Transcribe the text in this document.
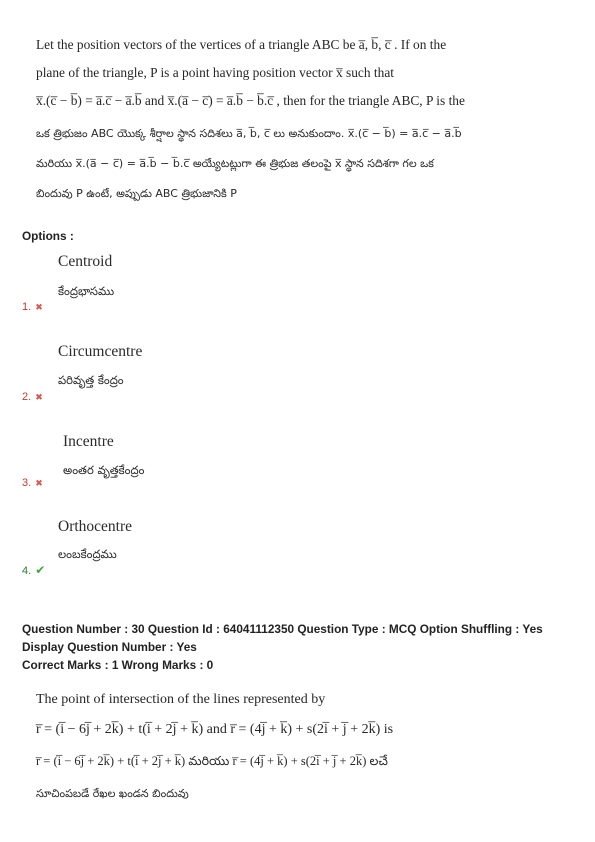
Let the position vectors of the vertices of a triangle ABC be a̅, b̅, c̅ . If on the
plane of the triangle, P is a point having position vector x̅ such that
x̅.(c̅ − b̅) = a̅.c̅ − a̅.b̅ and x̅.(a̅ − c̅) = a̅.b̅ − b̅.c̅ , then for the triangle ABC, P is the
ఒక త్రిభుజం ABC యొక్క శీర్షాల స్థాన సదిశలు a̅, b̅, c̅ లు అనుకుందాం. x̅.(c̅ − b̅) = a̅.c̅ − a̅.b̅
మరియు x̅.(a̅ − c̅) = a̅.b̅ − b̅.c̅ అయ్యేటట్లుగా ఈ త్రిభుజ తలంపై x̅ స్థాన సదిశగా గల ఒక
బిందువు P ఉంటే, అప్పుడు ABC త్రిభుజానికి P
Options :
Centroid
కేంద్రభాసము
1. ✖
Circumcentre
పరివృత్త కేంద్రం
2. ✖
Incentre
అంతర వృత్తకేంద్రం
3. ✖
Orthocentre
లంబకేంద్రము
4. ✔
Question Number : 30 Question Id : 64041112350 Question Type : MCQ Option Shuffling : Yes
Display Question Number : Yes
Correct Marks : 1 Wrong Marks : 0
The point of intersection of the lines represented by
r̅ = (i̅ − 6j̅ + 2k̅) + t(i̅ + 2j̅ + k̅) and r̅ = (4j̅ + k̅) + s(2i̅ + j̅ + 2k̅) is
r̅ = (i̅ − 6j̅ + 2k̅) + t(i̅ + 2j̅ + k̅) మరియు r̅ = (4j̅ + k̅) + s(2i̅ + j̅ + 2k̅) లచే
సూచింపబడే రేఖల ఖండన బిందువు
